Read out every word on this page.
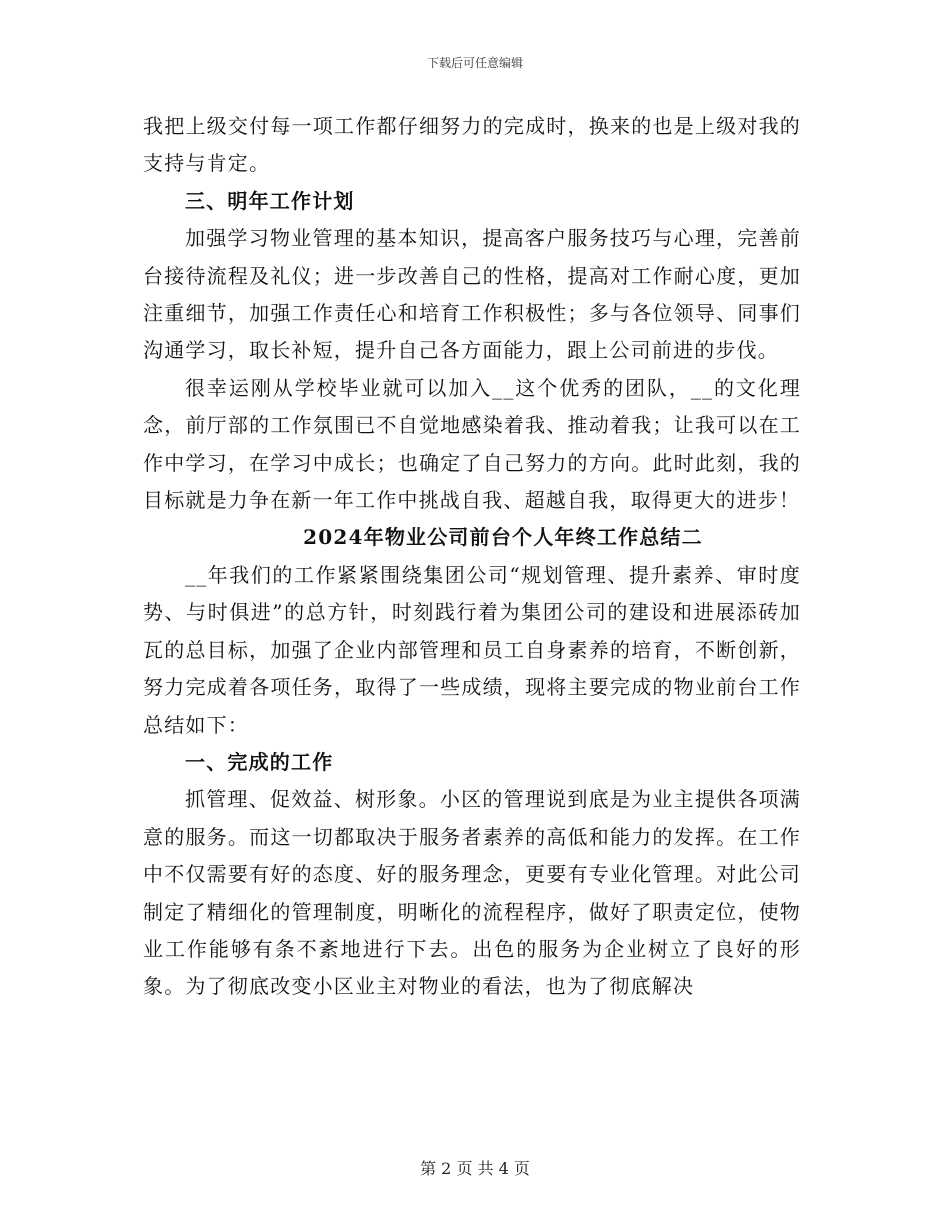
下载后可任意编辑

我把上级交付每一项工作都仔细努力的完成时，换来的也是上级对我的支持与肯定。

三、明年工作计划

加强学习物业管理的基本知识，提高客户服务技巧与心理，完善前台接待流程及礼仪；进一步改善自己的性格，提高对工作耐心度，更加注重细节，加强工作责任心和培育工作积极性；多与各位领导、同事们沟通学习，取长补短，提升自己各方面能力，跟上公司前进的步伐。

很幸运刚从学校毕业就可以加入__这个优秀的团队，__的文化理念，前厅部的工作氛围已不自觉地感染着我、推动着我；让我可以在工作中学习，在学习中成长；也确定了自己努力的方向。此时此刻，我的目标就是力争在新一年工作中挑战自我、超越自我，取得更大的进步！

2024年物业公司前台个人年终工作总结二

__年我们的工作紧紧围绕集团公司“规划管理、提升素养、审时度势、与时俱进”的总方针，时刻践行着为集团公司的建设和进展添砖加瓦的总目标，加强了企业内部管理和员工自身素养的培育，不断创新，努力完成着各项任务，取得了一些成绩，现将主要完成的物业前台工作总结如下：

一、完成的工作

抓管理、促效益、树形象。小区的管理说到底是为业主提供各项满意的服务。而这一切都取决于服务者素养的高低和能力的发挥。在工作中不仅需要有好的态度、好的服务理念，更要有专业化管理。对此公司制定了精细化的管理制度，明晰化的流程程序，做好了职责定位，使物业工作能够有条不紊地进行下去。出色的服务为企业树立了良好的形象。为了彻底改变小区业主对物业的看法，也为了彻底解决

第 2 页 共 4 页
